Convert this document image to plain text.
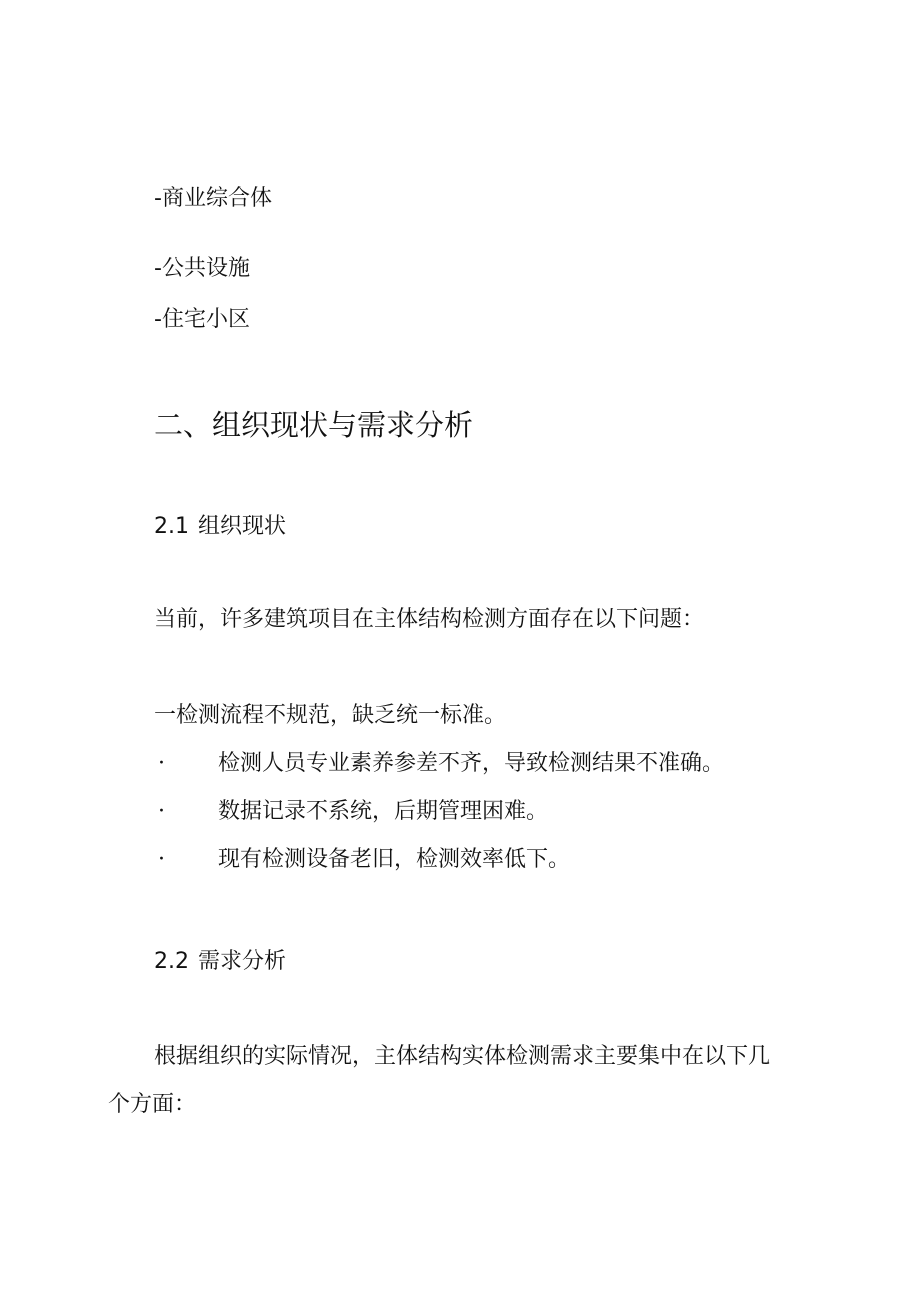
-商业综合体
-公共设施
-住宅小区
二、组织现状与需求分析
2.1 组织现状
当前，许多建筑项目在主体结构检测方面存在以下问题：
一检测流程不规范，缺乏统一标准。
· 检测人员专业素养参差不齐，导致检测结果不准确。
· 数据记录不系统，后期管理困难。
· 现有检测设备老旧，检测效率低下。
2.2 需求分析
根据组织的实际情况，主体结构实体检测需求主要集中在以下几
个方面：
